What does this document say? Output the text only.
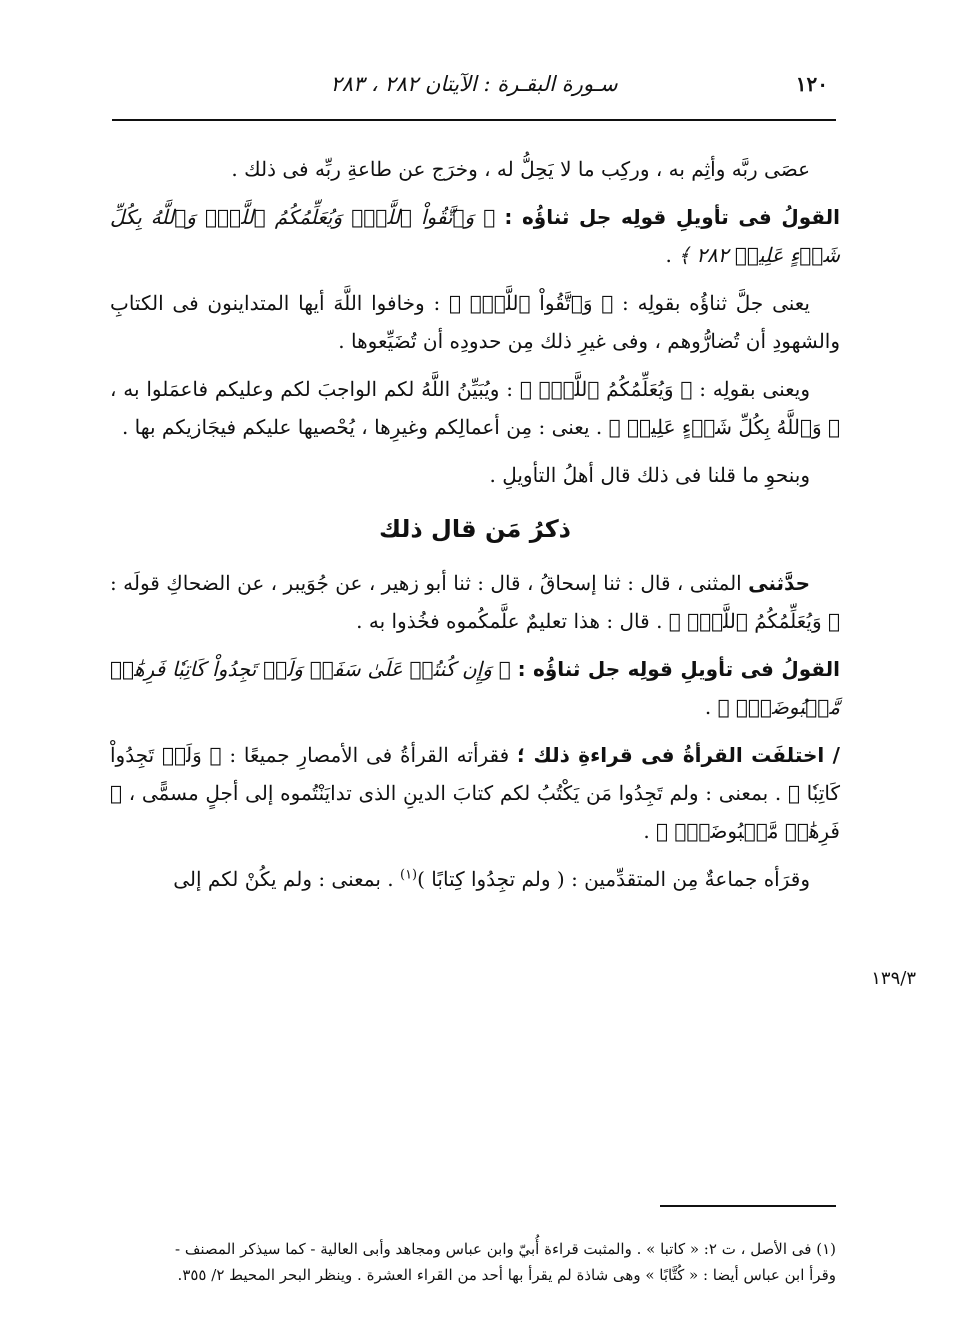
١٢٠
سـورة البقـرة : الآيتان ٢٨٢ ، ٢٨٣
١٣٩/٣

عصَى ربَّه وأثِم به ، وركِب ما لا يَحِلُّ له ، وخرَج عن طاعةِ ربِّه فى ذلك .

القولُ فى تأويلِ قولِه جل ثناؤُه : ﴿ وَٱتَّقُواْ ٱللَّهَۖ وَيُعَلِّمُكُمُ ٱللَّهُۗ وَٱللَّهُ بِكُلِّ شَيۡءٍ عَلِيمٞ ٢٨٢ ﴾ .

يعنى جلَّ ثناؤُه بقولِه : ﴿ وَٱتَّقُواْ ٱللَّهَۖ ﴾ : وخافوا اللَّهَ أيها المتداينون فى الكتابِ والشهودِ أن تُضارُّوهم ، وفى غيرِ ذلك مِن حدودِه أن تُضَيِّعوها .

ويعنى بقولِه : ﴿ وَيُعَلِّمُكُمُ ٱللَّهُۗ ﴾ : ويُبَيِّنُ اللَّهُ لكم الواجبَ لكم وعليكم فاعمَلوا به ، ﴿ وَٱللَّهُ بِكُلِّ شَيۡءٍ عَلِيمٞ ﴾ . يعنى : مِن أعمالِكم وغيرِها ، يُحْصيها عليكم فيجَازيكم بها .

وبنحوِ ما قلنا فى ذلك قال أهلُ التأويلِ .

ذكرُ مَن قال ذلك

حدَّثنى المثنى ، قال : ثنا إسحاقُ ، قال : ثنا أبو زهير ، عن جُوَيبر ، عن الضحاكِ قولَه : ﴿ وَيُعَلِّمُكُمُ ٱللَّهُۗ ﴾ . قال : هذا تعليمٌ علَّمكُموه فخُذوا به .

القولُ فى تأويلِ قولِه جل ثناؤُه : ﴿ وَإِن كُنتُمۡ عَلَىٰ سَفَرٖ وَلَمۡ تَجِدُواْ كَاتِبٗا فَرِهَٰنٞ مَّقۡبُوضَةٞۖ ﴾ .

/ اختلفَت القرأةُ فى قراءةِ ذلك ؛ فقرأته القرأةُ فى الأمصارِ جميعًا : ﴿ وَلَمۡ تَجِدُواْ كَاتِبٗا ﴾ . بمعنى : ولم تَجِدُوا مَن يَكْتُبُ لكم كتابَ الدينِ الذى تدايَنْتُموه إلى أجلٍ مسمًّى ، ﴿ فَرِهَٰنٞ مَّقۡبُوضَةٞۖ ﴾ .

وقرَأه جماعةٌ مِن المتقدِّمين : ( ولم تجِدُوا كِتابًا )$^{(١)}$ . بمعنى : ولم يكُنْ لكم إلى

(١) فى الأصل ، ت ٢: « كاتبا » . والمثبت قراءة أُبيّ وابن عباس ومجاهد وأبى العالية - كما سيذكر المصنف -

وقرأ ابن عباس أيضا : « كُتَّابًا » وهى شاذة لم يقرأ بها أحد من القراء العشرة . وينظر البحر المحيط ٢/ ٣٥٥.
